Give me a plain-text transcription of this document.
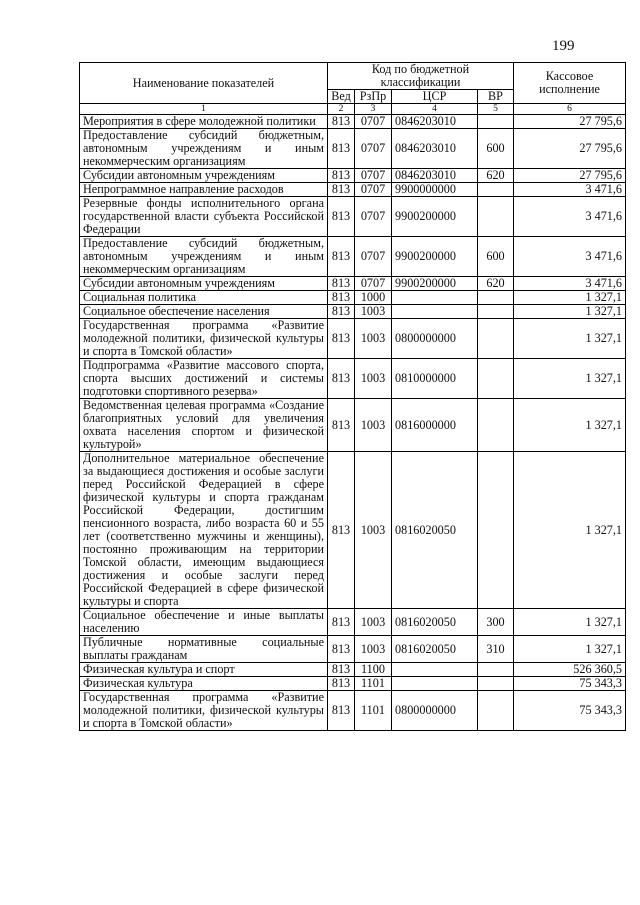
199
Наименование показателей	Код по бюджетной классификации				Кассовое исполнение
	Вед	РзПр	ЦСР	ВР	
1	2	3	4	5	6
Мероприятия в сфере молодежной политики	813	0707	0846203010		27 795,6
Предоставление субсидий бюджетным, автономным учреждениям и иным некоммерческим организациям	813	0707	0846203010	600	27 795,6
Субсидии автономным учреждениям	813	0707	0846203010	620	27 795,6
Непрограммное направление расходов	813	0707	9900000000		3 471,6
Резервные фонды исполнительного органа государственной власти субъекта Российской Федерации	813	0707	9900200000		3 471,6
Предоставление субсидий бюджетным, автономным учреждениям и иным некоммерческим организациям	813	0707	9900200000	600	3 471,6
Субсидии автономным учреждениям	813	0707	9900200000	620	3 471,6
Социальная политика	813	1000			1 327,1
Социальное обеспечение населения	813	1003			1 327,1
Государственная программа «Развитие молодежной политики, физической культуры и спорта в Томской области»	813	1003	0800000000		1 327,1
Подпрограмма «Развитие массового спорта, спорта высших достижений и системы подготовки спортивного резерва»	813	1003	0810000000		1 327,1
Ведомственная целевая программа «Создание благоприятных условий для увеличения охвата населения спортом и физической культурой»	813	1003	0816000000		1 327,1
Дополнительное материальное обеспечение за выдающиеся достижения и особые заслуги перед Российской Федерацией в сфере физической культуры и спорта гражданам Российской Федерации, достигшим пенсионного возраста, либо возраста 60 и 55 лет (соответственно мужчины и женщины), постоянно проживающим на территории Томской области, имеющим выдающиеся достижения и особые заслуги перед Российской Федерацией в сфере физической культуры и спорта	813	1003	0816020050		1 327,1
Социальное обеспечение и иные выплаты населению	813	1003	0816020050	300	1 327,1
Публичные нормативные социальные выплаты гражданам	813	1003	0816020050	310	1 327,1
Физическая культура и спорт	813	1100			526 360,5
Физическая культура	813	1101			75 343,3
Государственная программа «Развитие молодежной политики, физической культуры и спорта в Томской области»	813	1101	0800000000		75 343,3
